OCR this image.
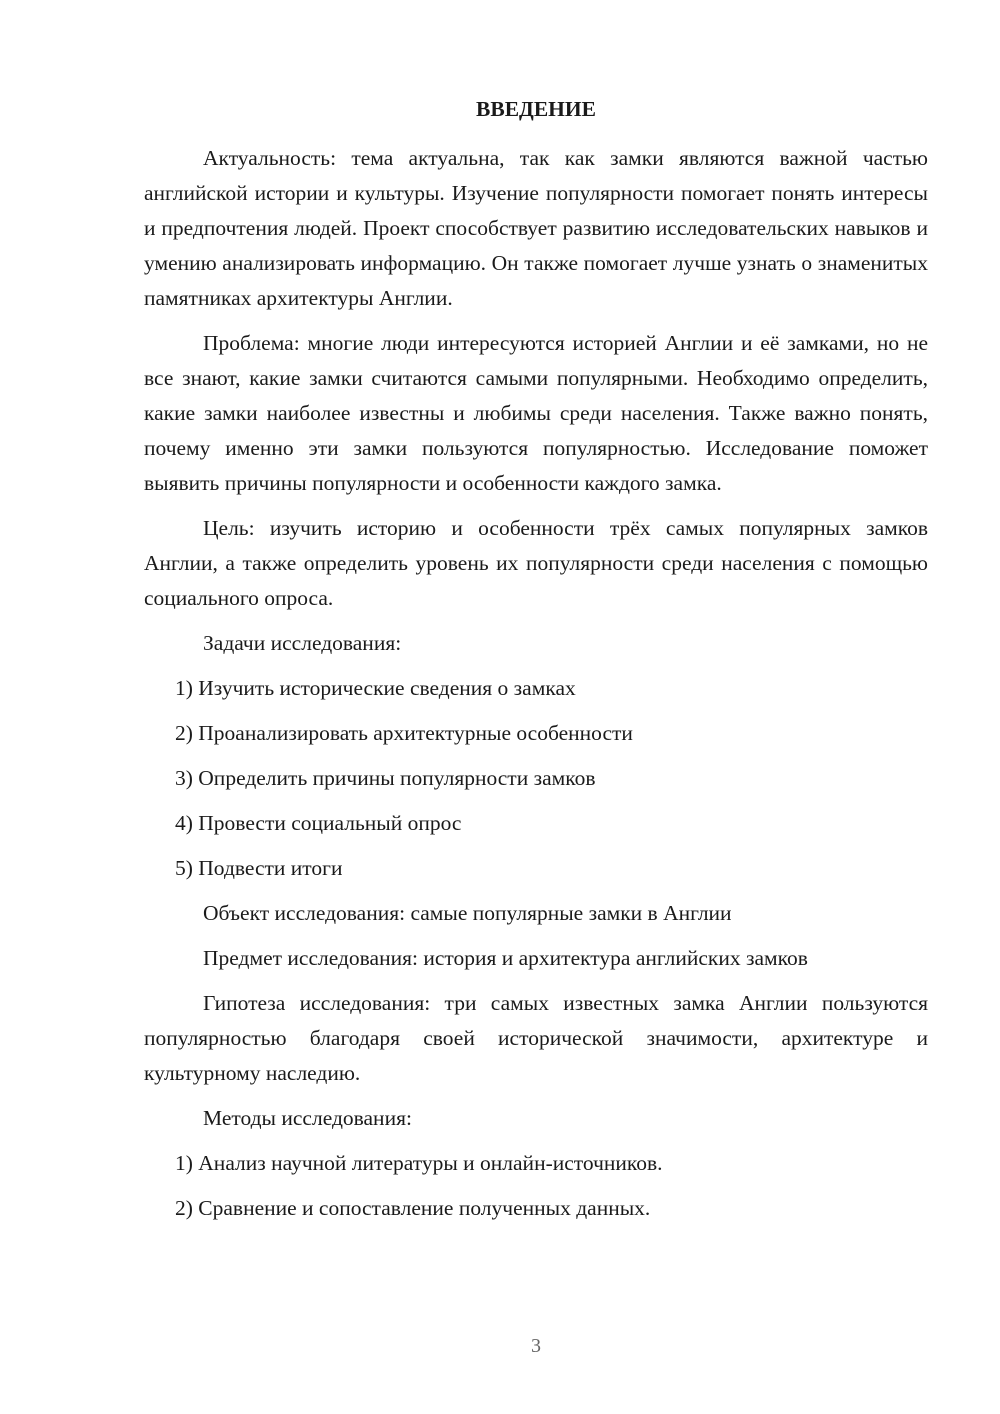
ВВЕДЕНИЕ

Актуальность: тема актуальна, так как замки являются важной частью английской истории и культуры. Изучение популярности помогает понять интересы и предпочтения людей. Проект способствует развитию исследовательских навыков и умению анализировать информацию. Он также помогает лучше узнать о знаменитых памятниках архитектуры Англии.

Проблема: многие люди интересуются историей Англии и её замками, но не все знают, какие замки считаются самыми популярными. Необходимо определить, какие замки наиболее известны и любимы среди населения. Также важно понять, почему именно эти замки пользуются популярностью. Исследование поможет выявить причины популярности и особенности каждого замка.

Цель: изучить историю и особенности трёх самых популярных замков Англии, а также определить уровень их популярности среди населения с помощью социального опроса.

Задачи исследования:
1) Изучить исторические сведения о замках
2) Проанализировать архитектурные особенности
3) Определить причины популярности замков
4) Провести социальный опрос
5) Подвести итоги
Объект исследования: самые популярные замки в Англии
Предмет исследования: история и архитектура английских замков

Гипотеза исследования: три самых известных замка Англии пользуются популярностью благодаря своей исторической значимости, архитектуре и культурному наследию.

Методы исследования:
1) Анализ научной литературы и онлайн-источников.
2) Сравнение и сопоставление полученных данных.
3
